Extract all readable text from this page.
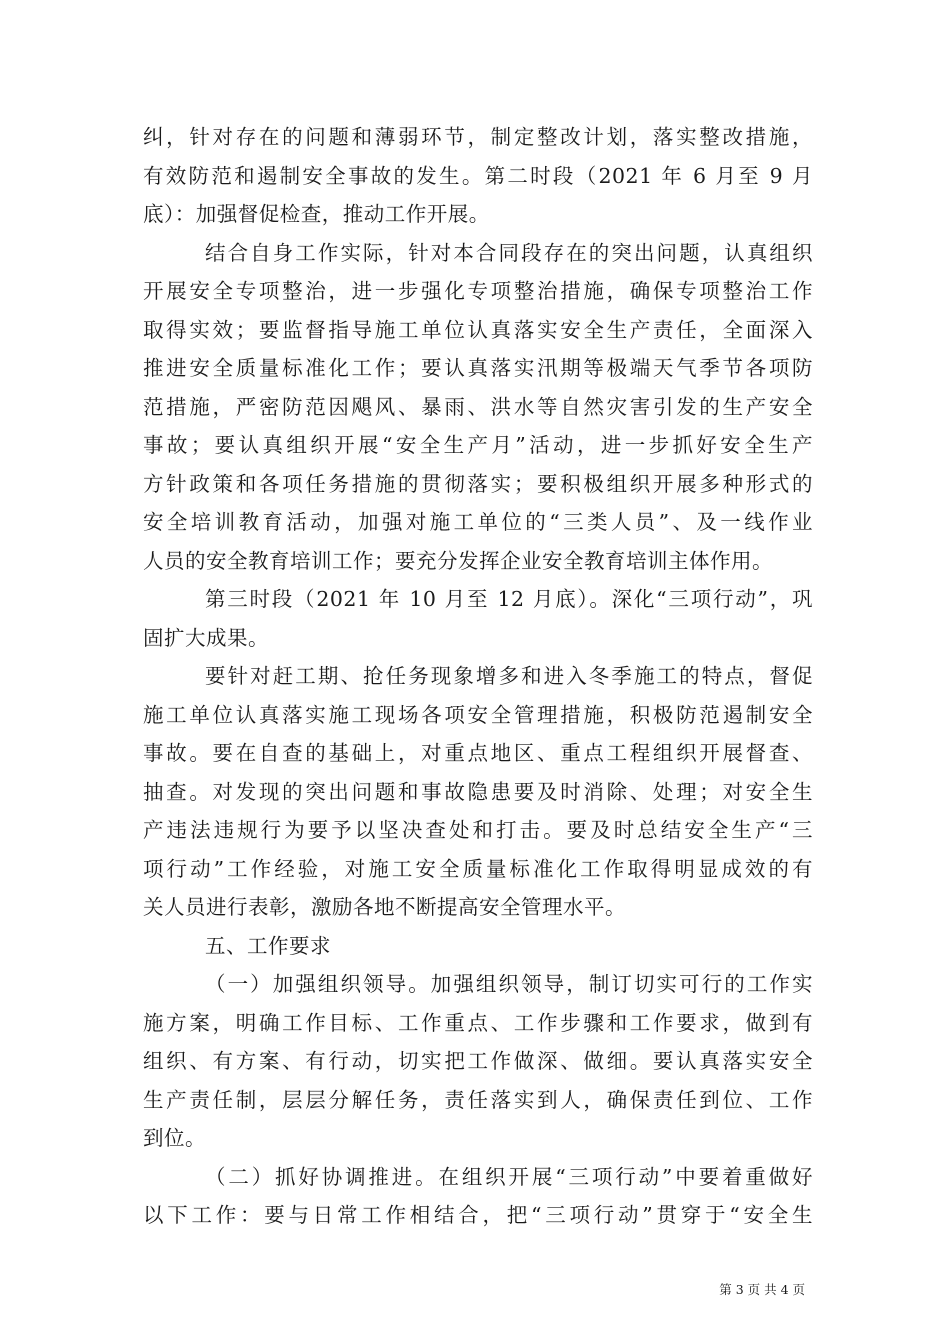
纠，针对存在的问题和薄弱环节，制定整改计划，落实整改措施，
有效防范和遏制安全事故的发生。第二时段（2021 年 6 月至 9 月
底）：加强督促检查，推动工作开展。
结合自身工作实际，针对本合同段存在的突出问题，认真组织
开展安全专项整治，进一步强化专项整治措施，确保专项整治工作
取得实效；要监督指导施工单位认真落实安全生产责任，全面深入
推进安全质量标准化工作；要认真落实汛期等极端天气季节各项防
范措施，严密防范因飓风、暴雨、洪水等自然灾害引发的生产安全
事故；要认真组织开展“安全生产月”活动，进一步抓好安全生产
方针政策和各项任务措施的贯彻落实；要积极组织开展多种形式的
安全培训教育活动，加强对施工单位的“三类人员”、及一线作业
人员的安全教育培训工作；要充分发挥企业安全教育培训主体作用。
第三时段（2021 年 10 月至 12 月底）。深化“三项行动”，巩
固扩大成果。
要针对赶工期、抢任务现象增多和进入冬季施工的特点，督促
施工单位认真落实施工现场各项安全管理措施，积极防范遏制安全
事故。要在自查的基础上，对重点地区、重点工程组织开展督查、
抽查。对发现的突出问题和事故隐患要及时消除、处理；对安全生
产违法违规行为要予以坚决查处和打击。要及时总结安全生产“三
项行动”工作经验，对施工安全质量标准化工作取得明显成效的有
关人员进行表彰，激励各地不断提高安全管理水平。
五、工作要求
（一）加强组织领导。加强组织领导，制订切实可行的工作实
施方案，明确工作目标、工作重点、工作步骤和工作要求，做到有
组织、有方案、有行动，切实把工作做深、做细。要认真落实安全
生产责任制，层层分解任务，责任落实到人，确保责任到位、工作
到位。
（二）抓好协调推进。在组织开展“三项行动”中要着重做好
以下工作：要与日常工作相结合，把“三项行动”贯穿于“安全生
第 3 页 共 4 页
